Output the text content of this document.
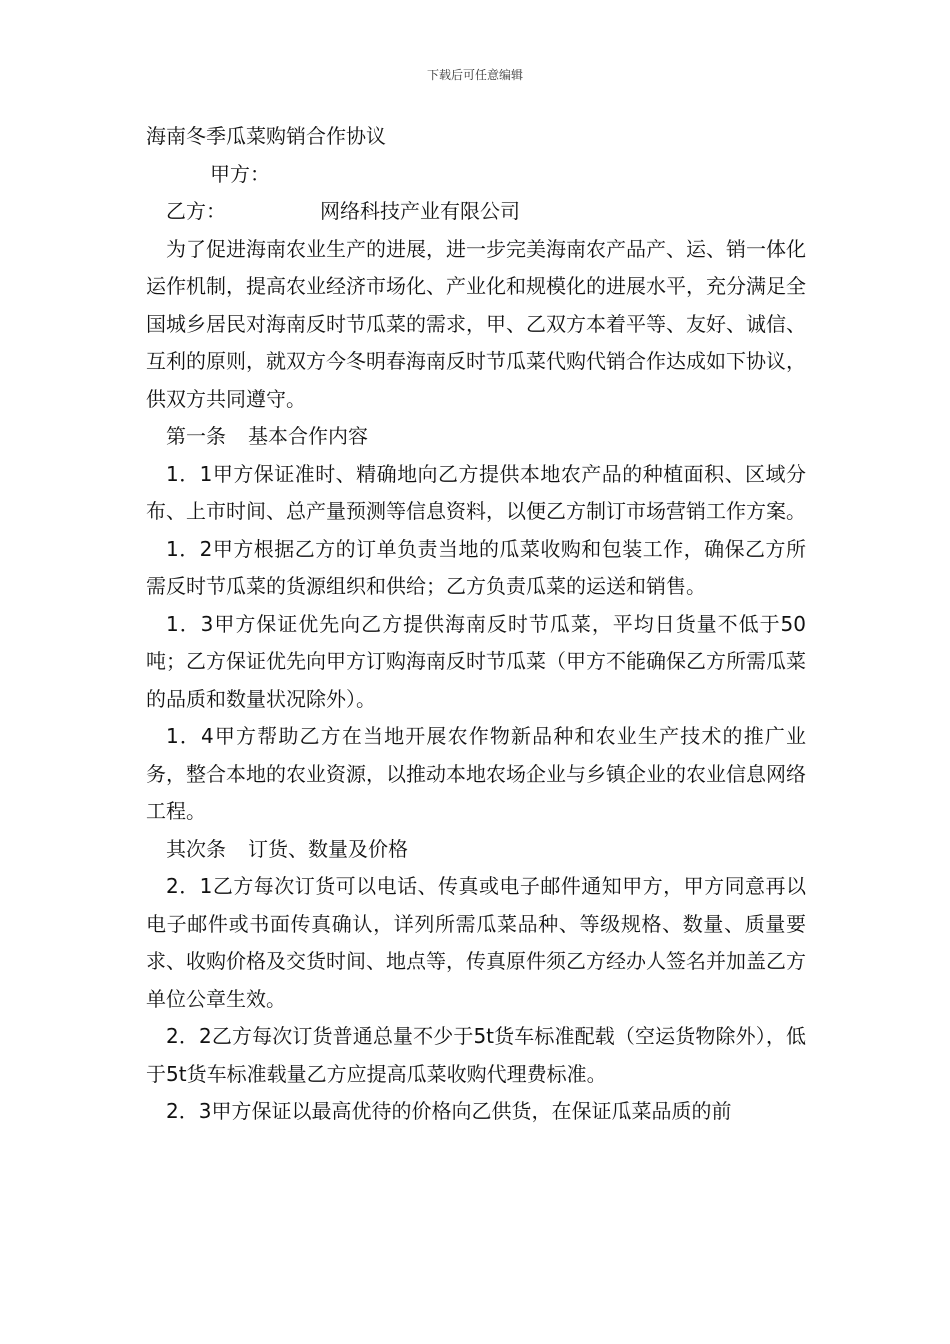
下载后可任意编辑

海南冬季瓜菜购销合作协议

甲方：

乙方：	网络科技产业有限公司

为了促进海南农业生产的进展，进一步完美海南农产品产、运、销一体化运作机制，提高农业经济市场化、产业化和规模化的进展水平，充分满足全国城乡居民对海南反时节瓜菜的需求，甲、乙双方本着平等、友好、诚信、互利的原则，就双方今冬明春海南反时节瓜菜代购代销合作达成如下协议，供双方共同遵守。

第一条 基本合作内容

1．1甲方保证准时、精确地向乙方提供本地农产品的种植面积、区域分布、上市时间、总产量预测等信息资料，以便乙方制订市场营销工作方案。

1．2甲方根据乙方的订单负责当地的瓜菜收购和包装工作，确保乙方所需反时节瓜菜的货源组织和供给；乙方负责瓜菜的运送和销售。

1．3甲方保证优先向乙方提供海南反时节瓜菜，平均日货量不低于50吨；乙方保证优先向甲方订购海南反时节瓜菜（甲方不能确保乙方所需瓜菜的品质和数量状况除外）。

1．4甲方帮助乙方在当地开展农作物新品种和农业生产技术的推广业务，整合本地的农业资源，以推动本地农场企业与乡镇企业的农业信息网络工程。

其次条 订货、数量及价格

2．1乙方每次订货可以电话、传真或电子邮件通知甲方，甲方同意再以电子邮件或书面传真确认，详列所需瓜菜品种、等级规格、数量、质量要求、收购价格及交货时间、地点等，传真原件须乙方经办人签名并加盖乙方单位公章生效。

2．2乙方每次订货普通总量不少于5t货车标准配载（空运货物除外），低于5t货车标准载量乙方应提高瓜菜收购代理费标准。

2．3甲方保证以最高优待的价格向乙供货，在保证瓜菜品质的前
